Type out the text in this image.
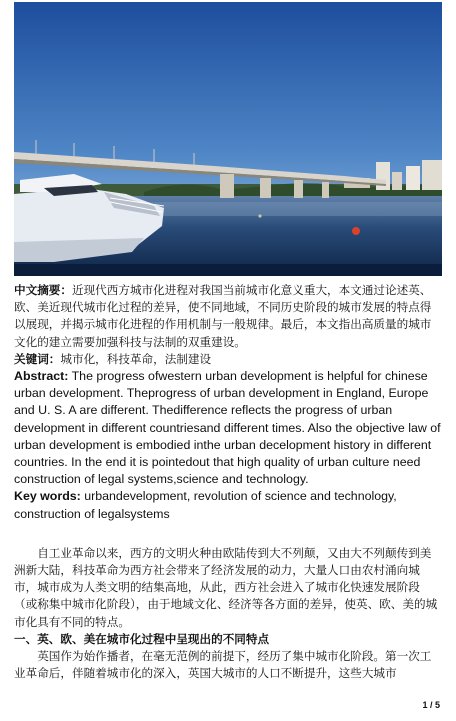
中文摘要：近现代西方城市化进程对我国当前城市化意义重大，本文通过论述英、欧、美近现代城市化过程的差异，使不同地域，不同历史阶段的城市发展的特点得以展现，并揭示城市化进程的作用机制与一般规律。最后，本文指出高质量的城市文化的建立需要加强科技与法制的双重建设。

关键词：城市化，科技革命，法制建设

Abstract: The progress ofwestern urban development is helpful for chinese urban development. Theprogress of urban development in England, Europe and U. S. A are different. Thedifference reflects the progress of urban development in different countriesand different times. Also the objective law of urban development is embodied inthe urban decelopment history in different countries. In the end it is pointedout that high quality of urban culture need construction of legal systems,science and technology.

Key words: urbandevelopment, revolution of science and technology, construction of legalsystems

自工业革命以来，西方的文明火种由欧陆传到大不列颠，又由大不列颠传到美洲新大陆，科技革命为西方社会带来了经济发展的动力，大量人口由农村涌向城市，城市成为人类文明的结集高地，从此，西方社会进入了城市化快速发展阶段（或称集中城市化阶段），由于地域文化、经济等各方面的差异，使英、欧、美的城市化具有不同的特点。

一、英、欧、美在城市化过程中呈现出的不同特点

英国作为始作播者，在毫无范例的前提下，经历了集中城市化阶段。第一次工业革命后，伴随着城市化的深入，英国大城市的人口不断提升，这些大城市

1 / 5
